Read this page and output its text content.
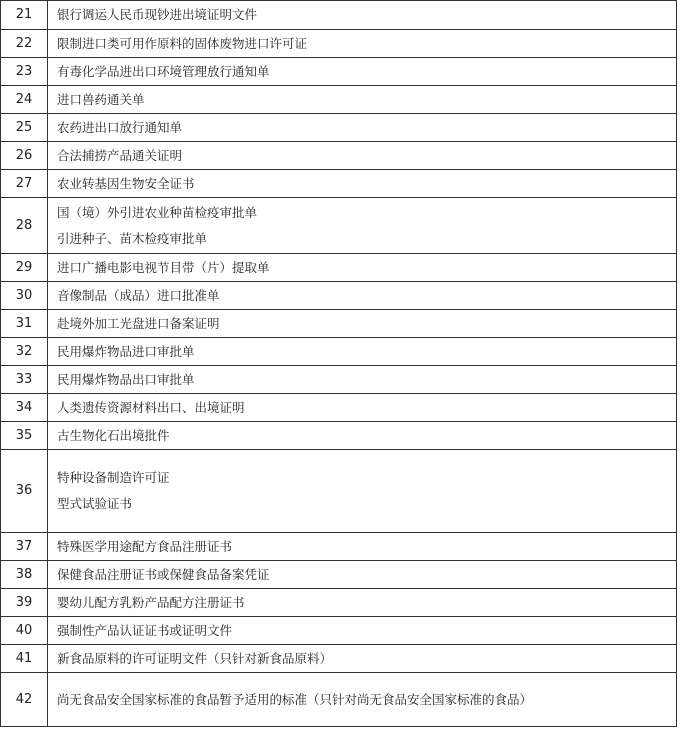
21	银行调运人民币现钞进出境证明文件

22	限制进口类可用作原料的固体废物进口许可证

23	有毒化学品进出口环境管理放行通知单

24	进口兽药通关单

25	农药进出口放行通知单

26	合法捕捞产品通关证明

27	农业转基因生物安全证书

28	国（境）外引进农业种苗检疫审批单
引进种子、苗木检疫审批单

29	进口广播电影电视节目带（片）提取单

30	音像制品（成品）进口批准单

31	赴境外加工光盘进口备案证明

32	民用爆炸物品进口审批单

33	民用爆炸物品出口审批单

34	人类遗传资源材料出口、出境证明

35	古生物化石出境批件

36	特种设备制造许可证
型式试验证书

37	特殊医学用途配方食品注册证书

38	保健食品注册证书或保健食品备案凭证

39	婴幼儿配方乳粉产品配方注册证书

40	强制性产品认证证书或证明文件

41	新食品原料的许可证明文件（只针对新食品原料）

42	尚无食品安全国家标准的食品暂予适用的标准（只针对尚无食品安全国家标准的食品）
